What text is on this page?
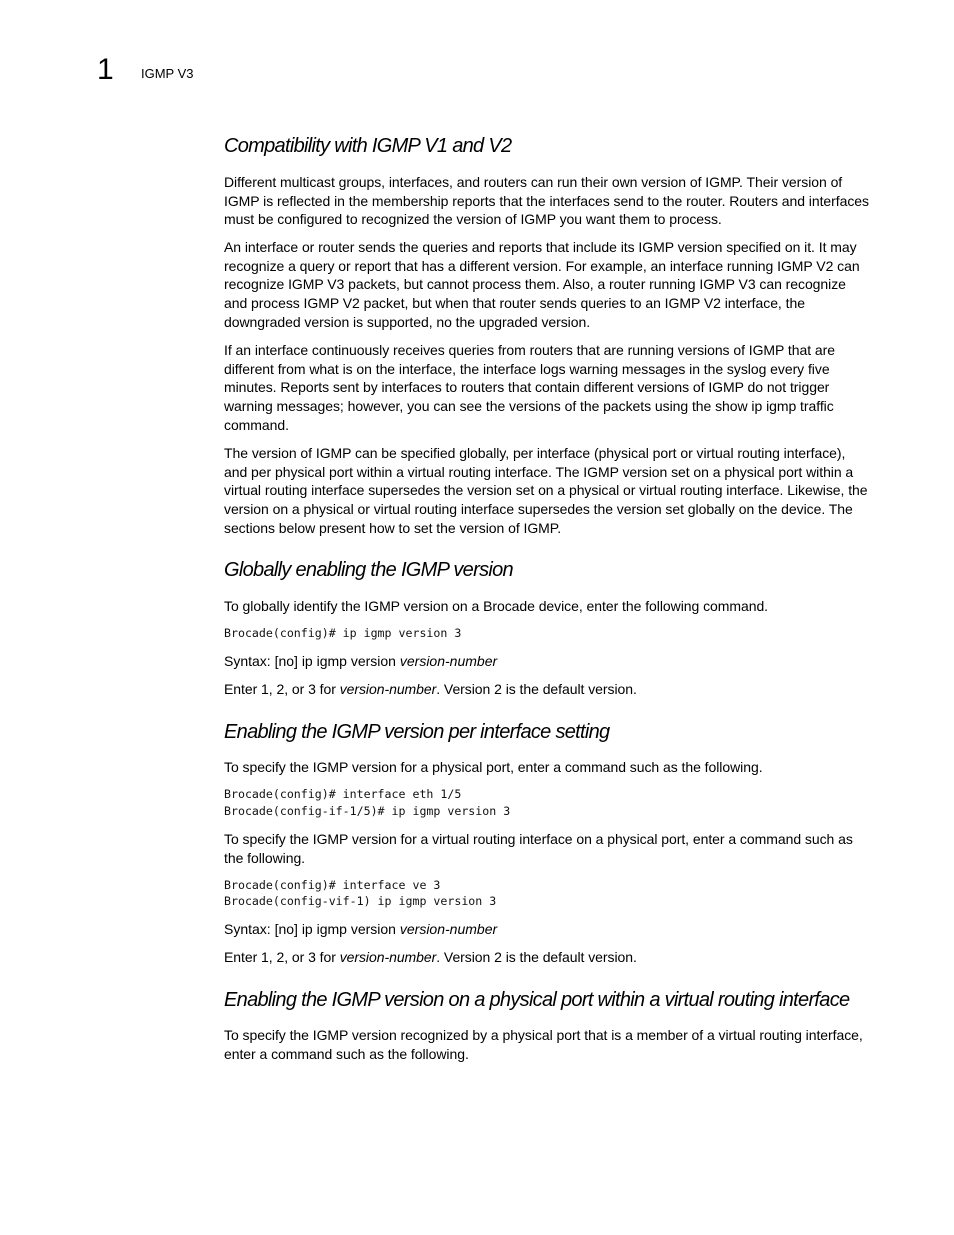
1 IGMP V3
Compatibility with IGMP V1 and V2

Different multicast groups, interfaces, and routers can run their own version of IGMP. Their version of IGMP is reflected in the membership reports that the interfaces send to the router. Routers and interfaces must be configured to recognized the version of IGMP you want them to process.

An interface or router sends the queries and reports that include its IGMP version specified on it. It may recognize a query or report that has a different version. For example, an interface running IGMP V2 can recognize IGMP V3 packets, but cannot process them. Also, a router running IGMP V3 can recognize and process IGMP V2 packet, but when that router sends queries to an IGMP V2 interface, the downgraded version is supported, no the upgraded version.

If an interface continuously receives queries from routers that are running versions of IGMP that are different from what is on the interface, the interface logs warning messages in the syslog every five minutes. Reports sent by interfaces to routers that contain different versions of IGMP do not trigger warning messages; however, you can see the versions of the packets using the show ip igmp traffic command.

The version of IGMP can be specified globally, per interface (physical port or virtual routing interface), and per physical port within a virtual routing interface. The IGMP version set on a physical port within a virtual routing interface supersedes the version set on a physical or virtual routing interface. Likewise, the version on a physical or virtual routing interface supersedes the version set globally on the device. The sections below present how to set the version of IGMP.

Globally enabling the IGMP version

To globally identify the IGMP version on a Brocade device, enter the following command.

Brocade(config)# ip igmp version 3

Syntax: [no] ip igmp version version-number

Enter 1, 2, or 3 for version-number. Version 2 is the default version.

Enabling the IGMP version per interface setting

To specify the IGMP version for a physical port, enter a command such as the following.

Brocade(config)# interface eth 1/5
Brocade(config-if-1/5)# ip igmp version 3

To specify the IGMP version for a virtual routing interface on a physical port, enter a command such as the following.

Brocade(config)# interface ve 3
Brocade(config-vif-1) ip igmp version 3

Syntax: [no] ip igmp version version-number

Enter 1, 2, or 3 for version-number. Version 2 is the default version.

Enabling the IGMP version on a physical port within a virtual routing interface

To specify the IGMP version recognized by a physical port that is a member of a virtual routing interface, enter a command such as the following.
